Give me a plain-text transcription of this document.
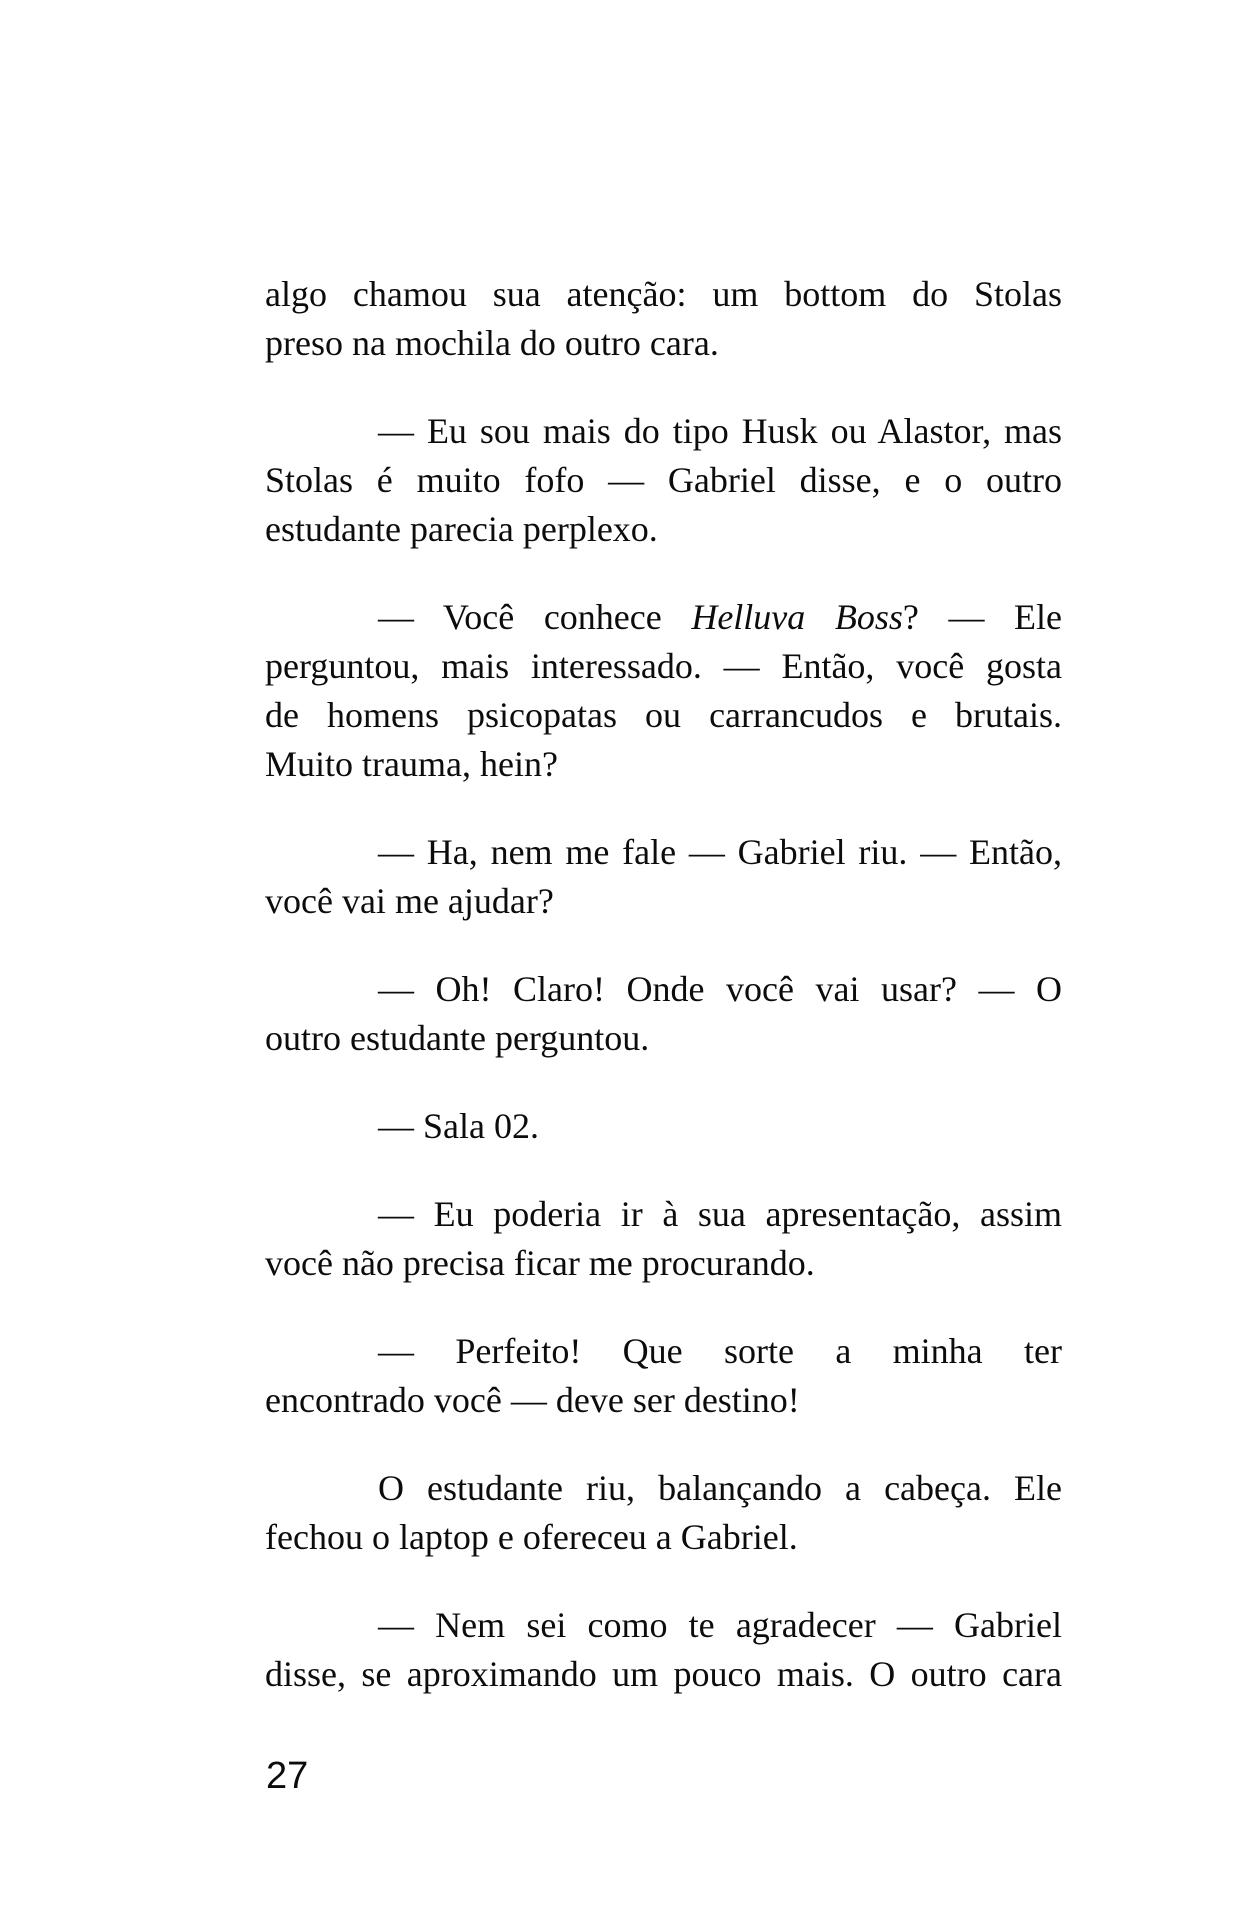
algo chamou sua atenção: um bottom do Stolas
preso na mochila do outro cara.

— Eu sou mais do tipo Husk ou Alastor, mas
Stolas é muito fofo — Gabriel disse, e o outro
estudante parecia perplexo.

— Você conhece Helluva Boss? — Ele
perguntou, mais interessado. — Então, você gosta
de homens psicopatas ou carrancudos e brutais.
Muito trauma, hein?

— Ha, nem me fale — Gabriel riu. — Então,
você vai me ajudar?

— Oh! Claro! Onde você vai usar? — O
outro estudante perguntou.

— Sala 02.

— Eu poderia ir à sua apresentação, assim
você não precisa ficar me procurando.

— Perfeito! Que sorte a minha ter
encontrado você — deve ser destino!

O estudante riu, balançando a cabeça. Ele
fechou o laptop e ofereceu a Gabriel.

— Nem sei como te agradecer — Gabriel
disse, se aproximando um pouco mais. O outro cara

27
